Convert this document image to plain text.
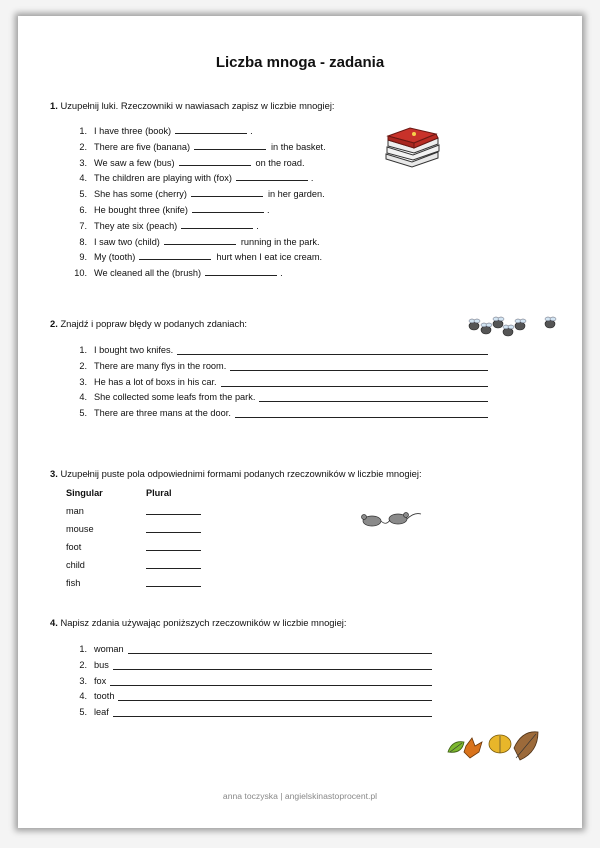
Liczba mnoga - zadania
1. Uzupełnij luki. Rzeczowniki w nawiasach zapisz w liczbie mnogiej:
1. I have three (book)	.
2. There are five (banana)	in the basket.
3. We saw a few (bus)	on the road.
4. The children are playing with (fox)	.
5. She has some (cherry)	in her garden.
6. He bought three (knife)	.
7. They ate six (peach)	.
8. I saw two (child)	running in the park.
9. My (tooth)	hurt when I eat ice cream.
10. We cleaned all the (brush)	.
2. Znajdź i popraw błędy w podanych zdaniach:
1. I bought two knifes.
2. There are many flys in the room.
3. He has a lot of boxs in his car.
4. She collected some leafs from the park.
5. There are three mans at the door.
3. Uzupełnij puste pola odpowiednimi formami podanych rzeczowników w liczbie mnogiej:
Singular	Plural
man
mouse
foot
child
fish
4. Napisz zdania używając poniższych rzeczowników w liczbie mnogiej:
1. woman
2. bus
3. fox
4. tooth
5. leaf
anna toczyska | angielskinastoprocent.pl
